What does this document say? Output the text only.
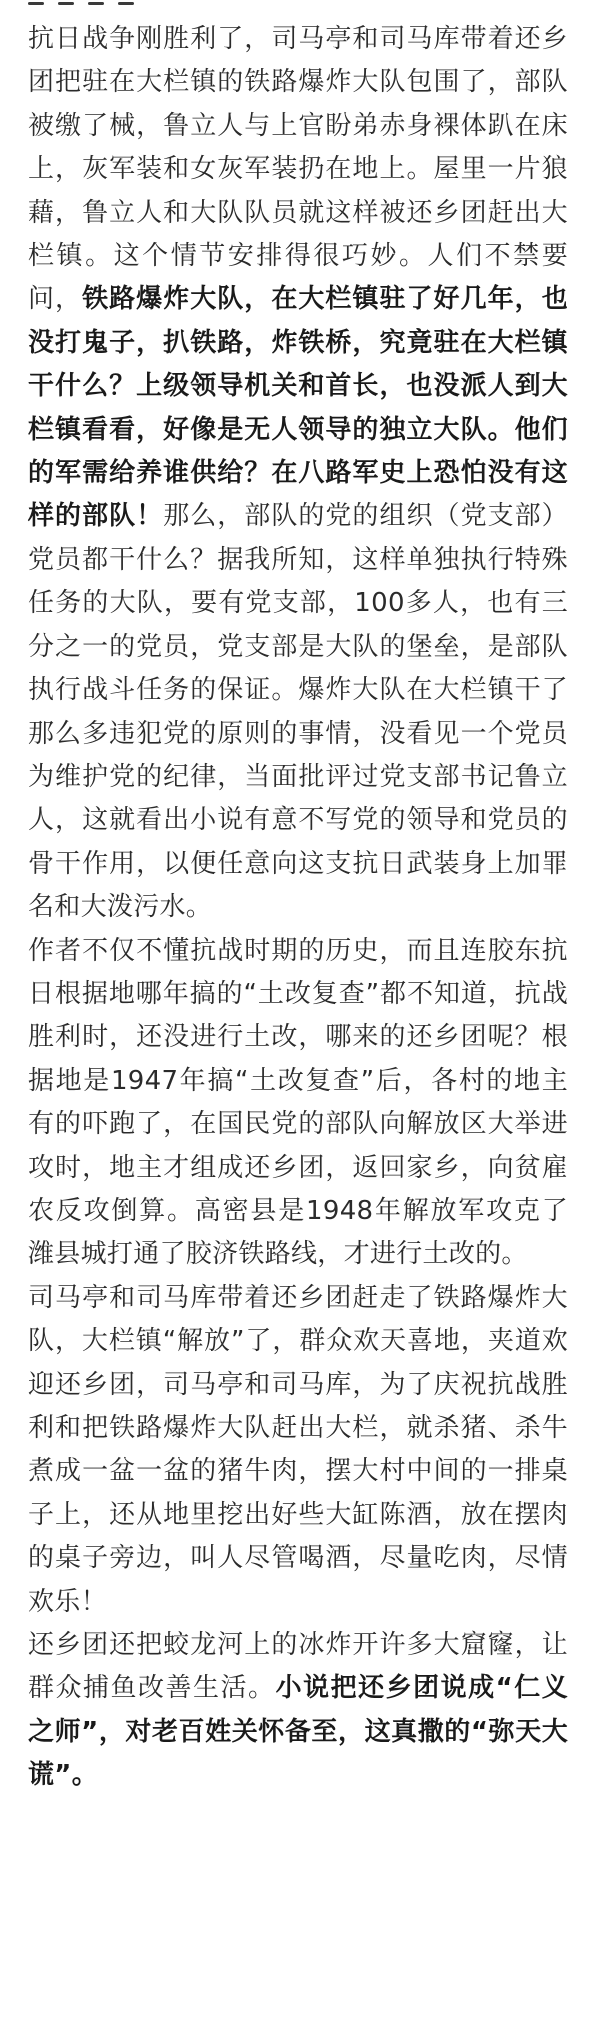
抗日战争刚胜利了，司马亭和司马库带着还乡团把驻在大栏镇的铁路爆炸大队包围了，部队被缴了械，鲁立人与上官盼弟赤身裸体趴在床上，灰军装和女灰军装扔在地上。屋里一片狼藉，鲁立人和大队队员就这样被还乡团赶出大栏镇。这个情节安排得很巧妙。人们不禁要问，铁路爆炸大队，在大栏镇驻了好几年，也没打鬼子，扒铁路，炸铁桥，究竟驻在大栏镇干什么？上级领导机关和首长，也没派人到大栏镇看看，好像是无人领导的独立大队。他们的军需给养谁供给？在八路军史上恐怕没有这样的部队！那么，部队的党的组织（党支部）党员都干什么？据我所知，这样单独执行特殊任务的大队，要有党支部，100多人，也有三分之一的党员，党支部是大队的堡垒，是部队执行战斗任务的保证。爆炸大队在大栏镇干了那么多违犯党的原则的事情，没看见一个党员为维护党的纪律，当面批评过党支部书记鲁立人，这就看出小说有意不写党的领导和党员的骨干作用，以便任意向这支抗日武装身上加罪名和大泼污水。

作者不仅不懂抗战时期的历史，而且连胶东抗日根据地哪年搞的“土改复查”都不知道，抗战胜利时，还没进行土改，哪来的还乡团呢？根据地是1947年搞“土改复查”后，各村的地主有的吓跑了，在国民党的部队向解放区大举进攻时，地主才组成还乡团，返回家乡，向贫雇农反攻倒算。高密县是1948年解放军攻克了潍县城打通了胶济铁路线，才进行土改的。

司马亭和司马库带着还乡团赶走了铁路爆炸大队，大栏镇“解放”了，群众欢天喜地，夹道欢迎还乡团，司马亭和司马库，为了庆祝抗战胜利和把铁路爆炸大队赶出大栏，就杀猪、杀牛煮成一盆一盆的猪牛肉，摆大村中间的一排桌子上，还从地里挖出好些大缸陈酒，放在摆肉的桌子旁边，叫人尽管喝酒，尽量吃肉，尽情欢乐！

还乡团还把蛟龙河上的冰炸开许多大窟窿，让群众捕鱼改善生活。小说把还乡团说成“仁义之师”，对老百姓关怀备至，这真撒的“弥天大谎”。
